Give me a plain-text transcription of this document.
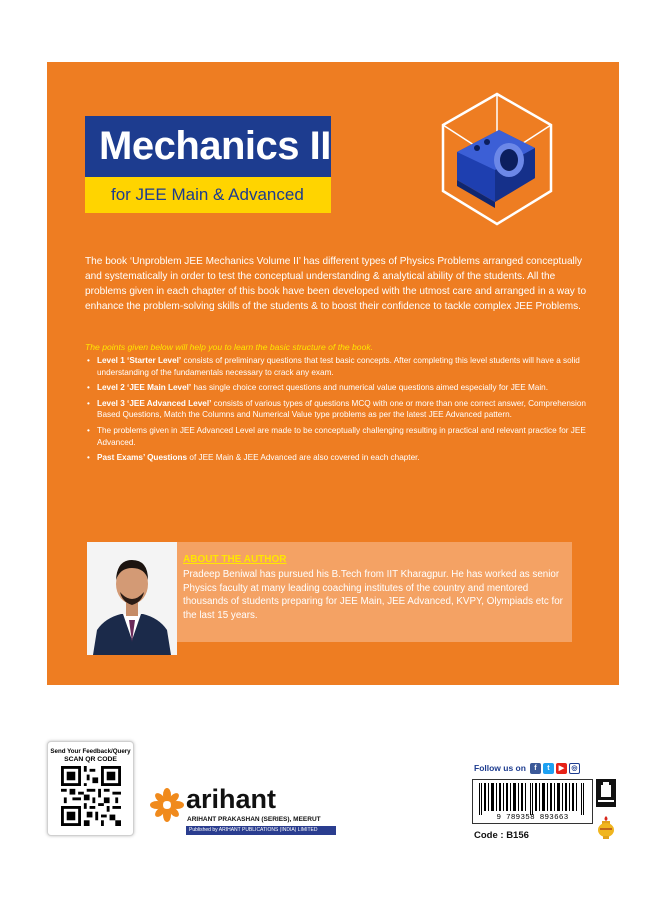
Mechanics II
for JEE Main & Advanced

The book ‘Unproblem JEE Mechanics Volume II’ has different types of Physics Problems arranged conceptually and systematically in order to test the conceptual understanding & analytical ability of the students. All the problems given in each chapter of this book have been developed with the utmost care and arranged in a way to enhance the problem-solving skills of the students & to boost their confidence to tackle complex JEE Problems.

The points given below will help you to learn the basic structure of the book.

• Level 1 ‘Starter Level’ consists of preliminary questions that test basic concepts. After completing this level students will have a solid understanding of the fundamentals necessary to crack any exam.
• Level 2 ‘JEE Main Level’ has single choice correct questions and numerical value questions aimed especially for JEE Main.
• Level 3 ‘JEE Advanced Level’ consists of various types of questions MCQ with one or more than one correct answer, Comprehension Based Questions, Match the Columns and Numerical Value type problems as per the latest JEE Advanced pattern.
• The problems given in JEE Advanced Level are made to be conceptually challenging resulting in practical and relevant practice for JEE Advanced.
• Past Exams’ Questions of JEE Main & JEE Advanced are also covered in each chapter.
ABOUT THE AUTHOR

Pradeep Beniwal has pursued his B.Tech from IIT Kharagpur. He has worked as senior Physics faculty at many leading coaching institutes of the country and mentored thousands of students preparing for JEE Main, JEE Advanced, KVPY, Olympiads etc for the last 15 years.

Send Your Feedback/Query
SCAN QR CODE
arihant
ARIHANT PRAKASHAN (SERIES), MEERUT
Published by ARIHANT PUBLICATIONS (INDIA) LIMITED
Follow us on	f	t	▶	◎
9 789358 893663
Code : B156
